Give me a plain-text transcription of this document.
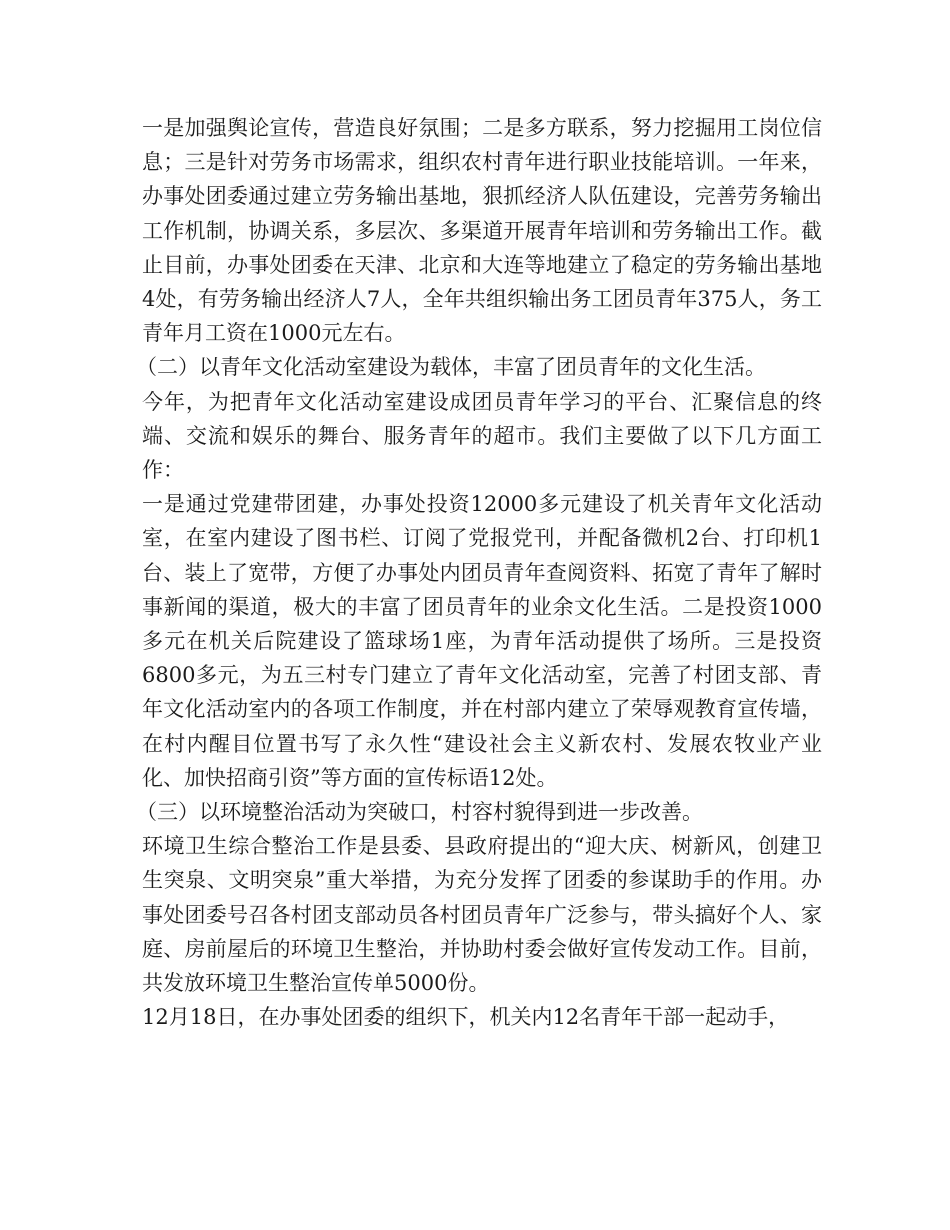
一是加强舆论宣传，营造良好氛围；二是多方联系，努力挖掘用工岗位信息；三是针对劳务市场需求，组织农村青年进行职业技能培训。一年来，办事处团委通过建立劳务输出基地，狠抓经济人队伍建设，完善劳务输出工作机制，协调关系，多层次、多渠道开展青年培训和劳务输出工作。截止目前，办事处团委在天津、北京和大连等地建立了稳定的劳务输出基地4处，有劳务输出经济人7人，全年共组织输出务工团员青年375人，务工青年月工资在1000元左右。

（二）以青年文化活动室建设为载体，丰富了团员青年的文化生活。

今年，为把青年文化活动室建设成团员青年学习的平台、汇聚信息的终端、交流和娱乐的舞台、服务青年的超市。我们主要做了以下几方面工作：

一是通过党建带团建，办事处投资12000多元建设了机关青年文化活动室，在室内建设了图书栏、订阅了党报党刊，并配备微机2台、打印机1台、装上了宽带，方便了办事处内团员青年查阅资料、拓宽了青年了解时事新闻的渠道，极大的丰富了团员青年的业余文化生活。二是投资1000多元在机关后院建设了篮球场1座，为青年活动提供了场所。三是投资6800多元，为五三村专门建立了青年文化活动室，完善了村团支部、青年文化活动室内的各项工作制度，并在村部内建立了荣辱观教育宣传墙，在村内醒目位置书写了永久性“建设社会主义新农村、发展农牧业产业化、加快招商引资”等方面的宣传标语12处。

（三）以环境整治活动为突破口，村容村貌得到进一步改善。

环境卫生综合整治工作是县委、县政府提出的“迎大庆、树新风，创建卫生突泉、文明突泉”重大举措，为充分发挥了团委的参谋助手的作用。办事处团委号召各村团支部动员各村团员青年广泛参与，带头搞好个人、家庭、房前屋后的环境卫生整治，并协助村委会做好宣传发动工作。目前，共发放环境卫生整治宣传单5000份。

12月18日，在办事处团委的组织下，机关内12名青年干部一起动手，
